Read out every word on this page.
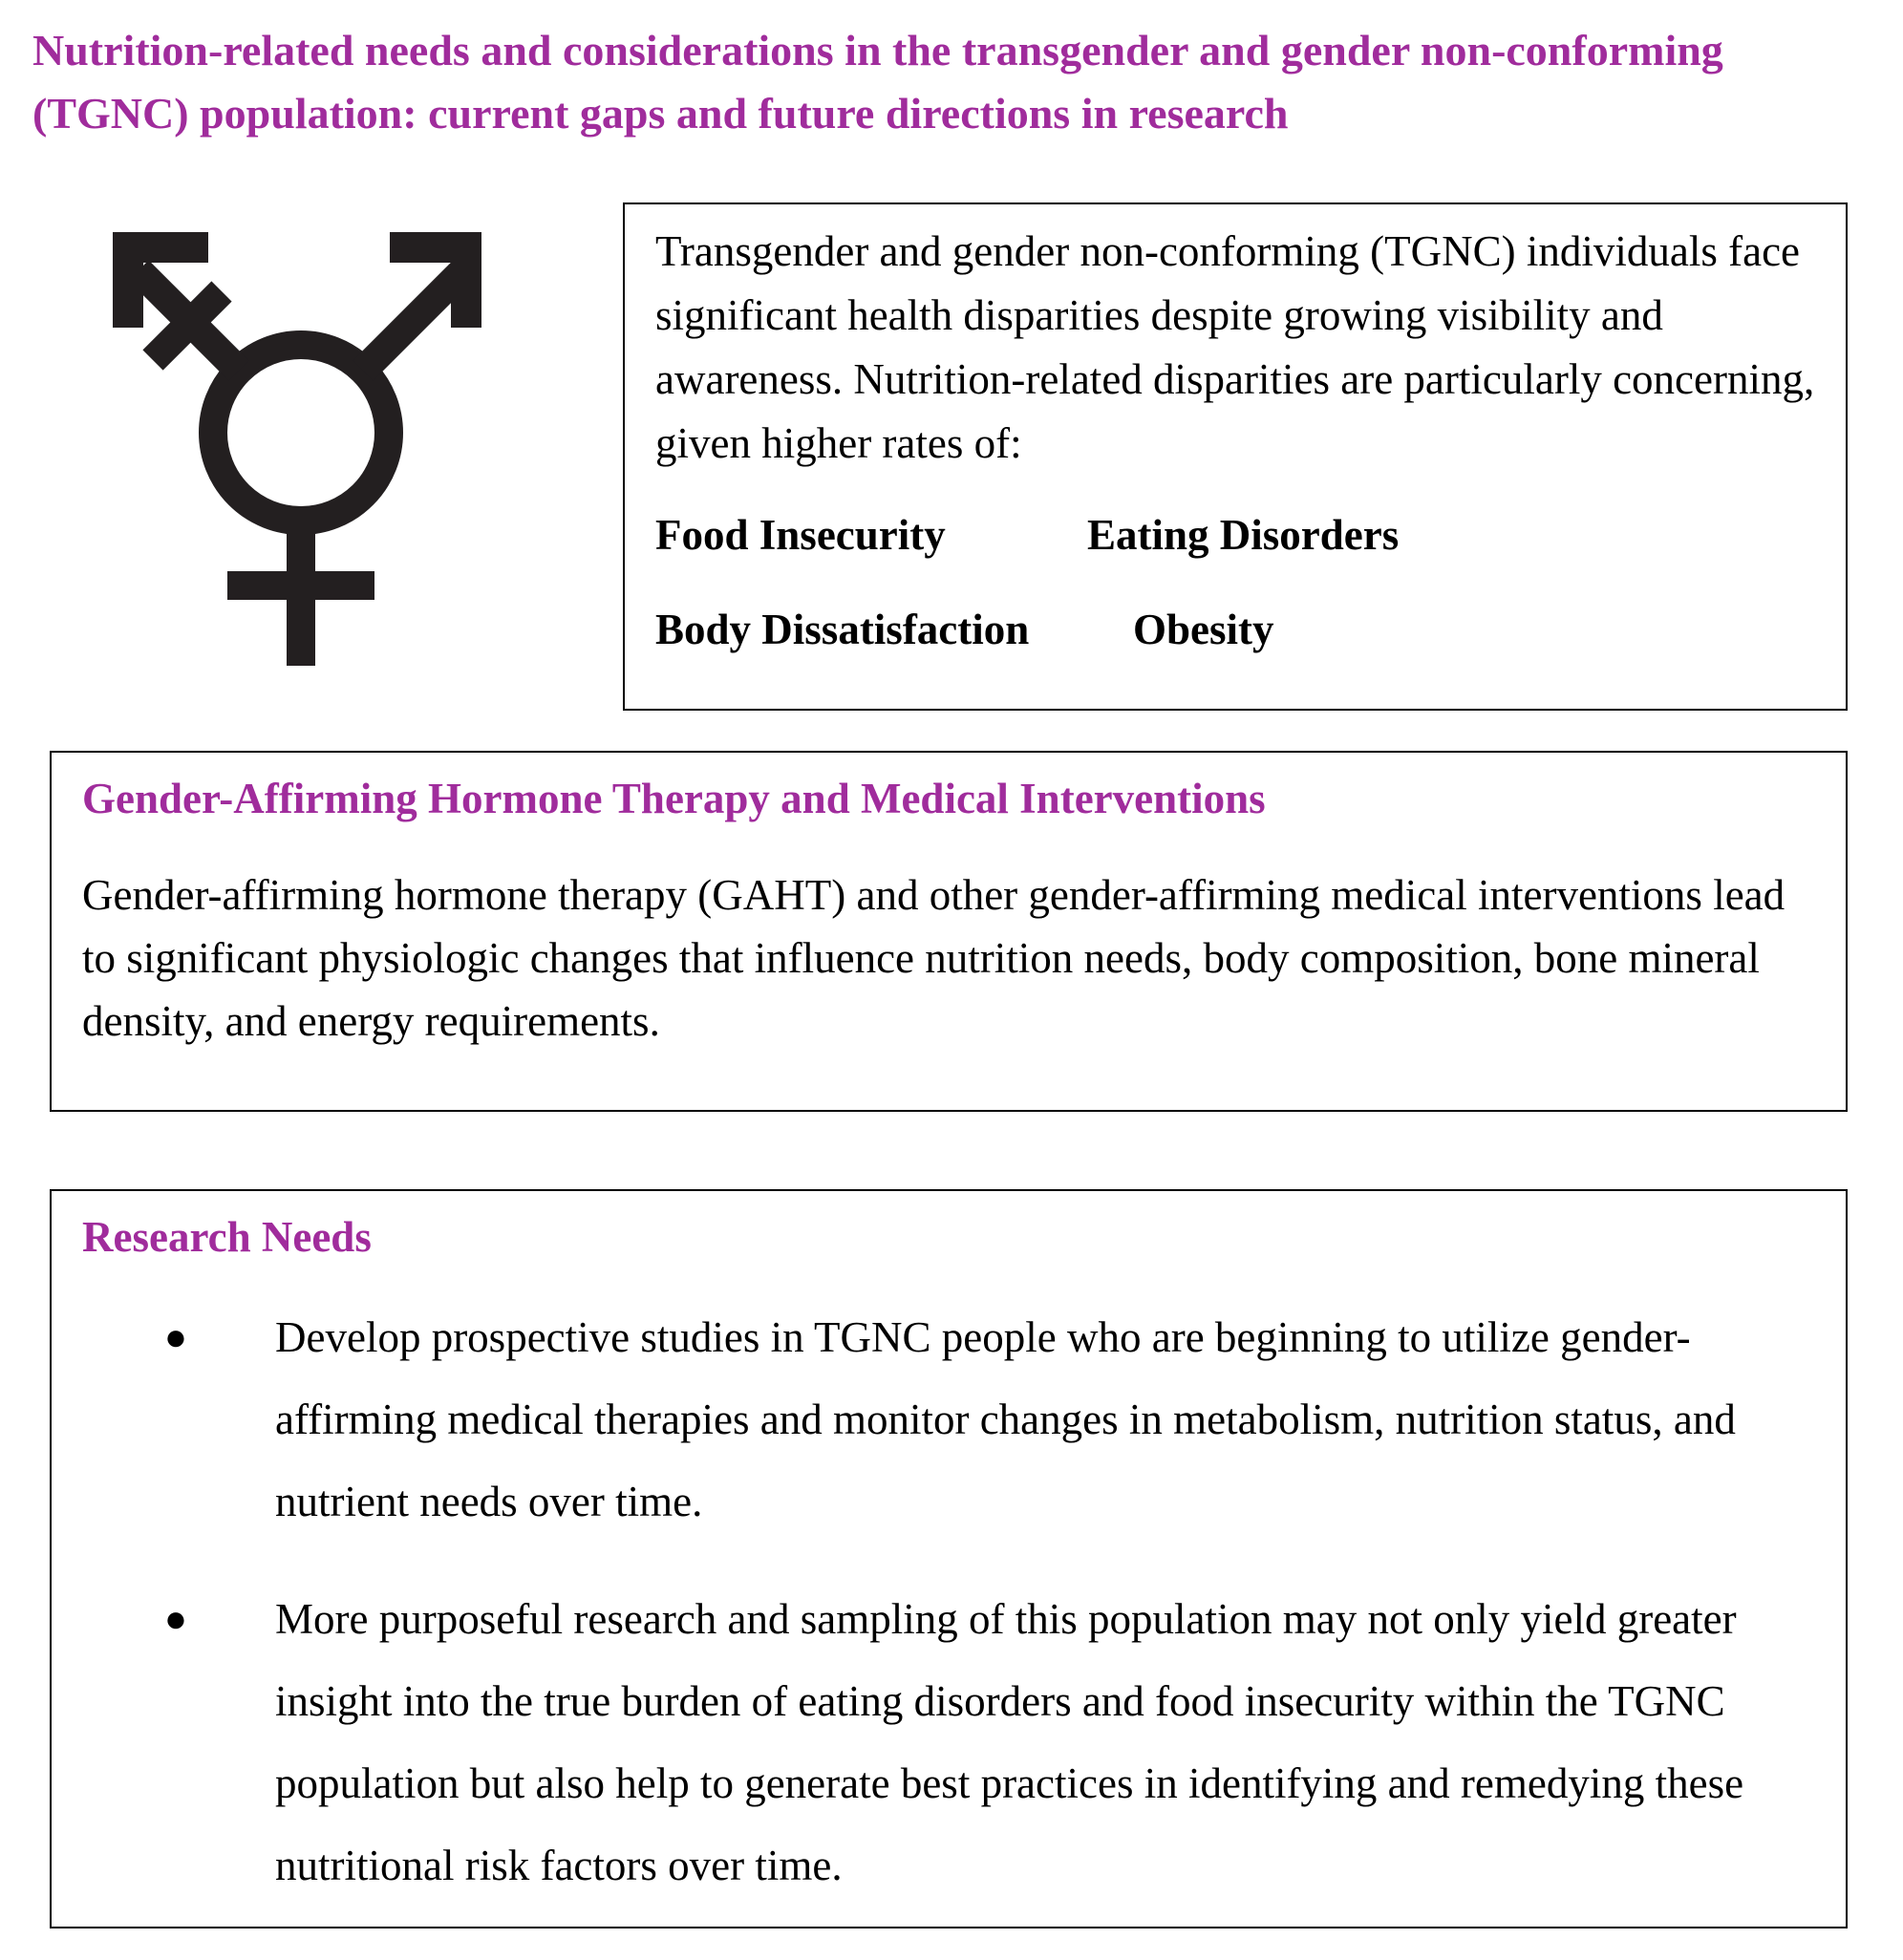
Nutrition-related needs and considerations in the transgender and gender non-conforming (TGNC) population: current gaps and future directions in research

Transgender and gender non-conforming (TGNC) individuals face significant health disparities despite growing visibility and awareness. Nutrition-related disparities are particularly concerning, given higher rates of:

Food Insecurity	Eating Disorders

Body Dissatisfaction Obesity

Gender-Affirming Hormone Therapy and Medical Interventions

Gender-affirming hormone therapy (GAHT) and other gender-affirming medical interventions lead to significant physiologic changes that influence nutrition needs, body composition, bone mineral density, and energy requirements.

Research Needs
● Develop prospective studies in TGNC people who are beginning to utilize gender-affirming medical therapies and monitor changes in metabolism, nutrition status, and nutrient needs over time.
● More purposeful research and sampling of this population may not only yield greater insight into the true burden of eating disorders and food insecurity within the TGNC population but also help to generate best practices in identifying and remedying these nutritional risk factors over time.
